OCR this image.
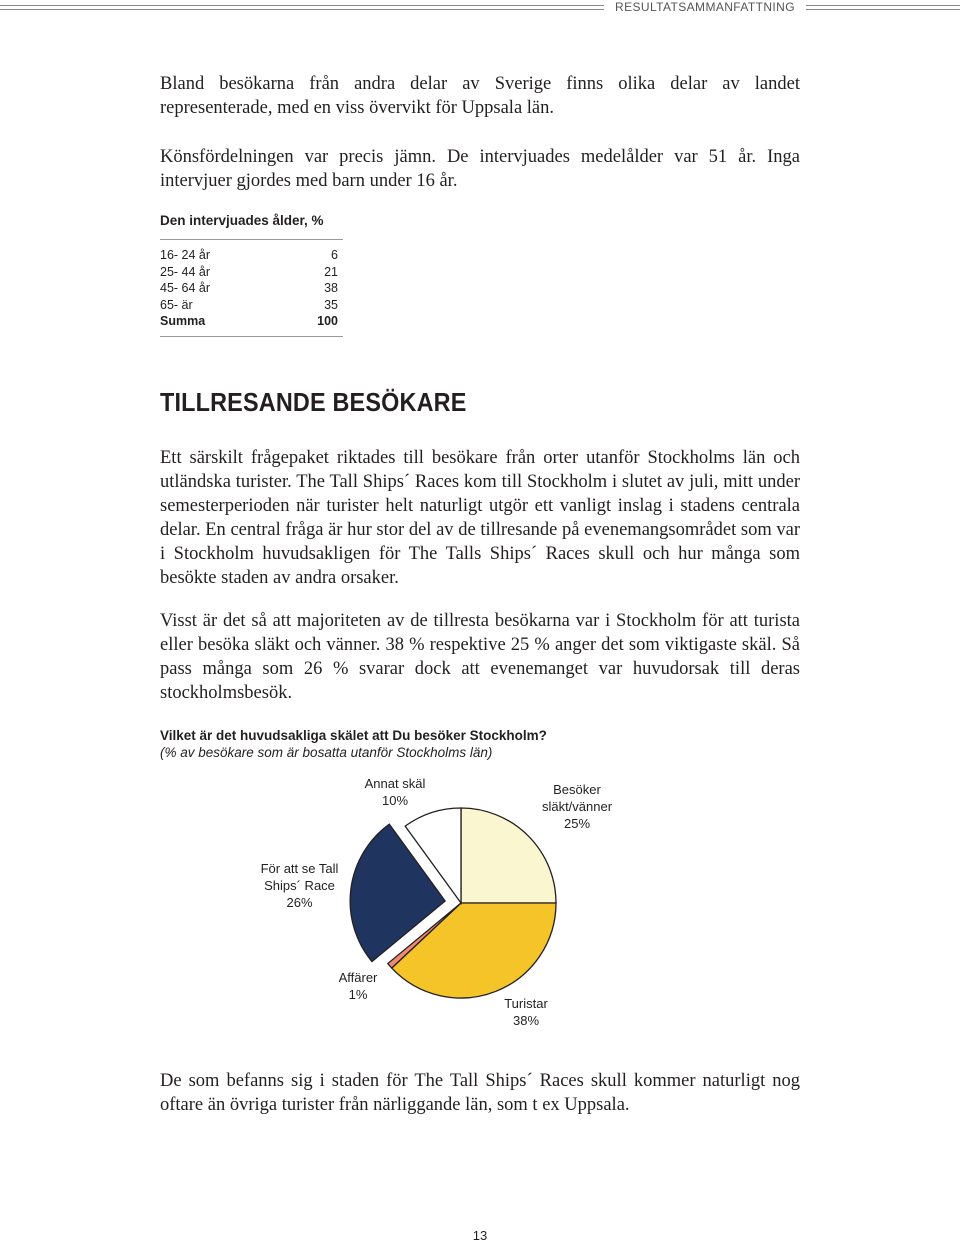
RESULTATSAMMANFATTNING

Bland besökarna från andra delar av Sverige finns olika delar av landet representerade, med en viss övervikt för Uppsala län.

Könsfördelningen var precis jämn. De intervjuades medelålder var 51 år. Inga intervjuer gjordes med barn under 16 år.

Den intervjuades ålder, %
16- 24 år	6
25- 44 år	21
45- 64 år	38
65- är	35
Summa	100
TILLRESANDE BESÖKARE

Ett särskilt frågepaket riktades till besökare från orter utanför Stockholms län och utländska turister. The Tall Ships´ Races kom till Stockholm i slutet av juli, mitt under semesterperioden när turister helt naturligt utgör ett vanligt inslag i stadens centrala delar. En central fråga är hur stor del av de tillresande på evenemangsområdet som var i Stockholm huvudsakligen för The Talls Ships´ Races skull och hur många som besökte staden av andra orsaker.

Visst är det så att majoriteten av de tillresta besökarna var i Stockholm för att turista eller besöka släkt och vänner. 38 % respektive 25 % anger det som viktigaste skäl. Så pass många som 26 % svarar dock att evenemanget var huvudorsak till deras stockholmsbesök.

Vilket är det huvudsakliga skälet att Du besöker Stockholm?
(% av besökare som är bosatta utanför Stockholms län)
Annat skäl
10%
Besöker
släkt/vänner
25%
För att se Tall
Ships´ Race
26%
Affärer
1%
Turistar
38%

De som befanns sig i staden för The Tall Ships´ Races skull kommer naturligt nog oftare än övriga turister från närliggande län, som t ex Uppsala.

13
